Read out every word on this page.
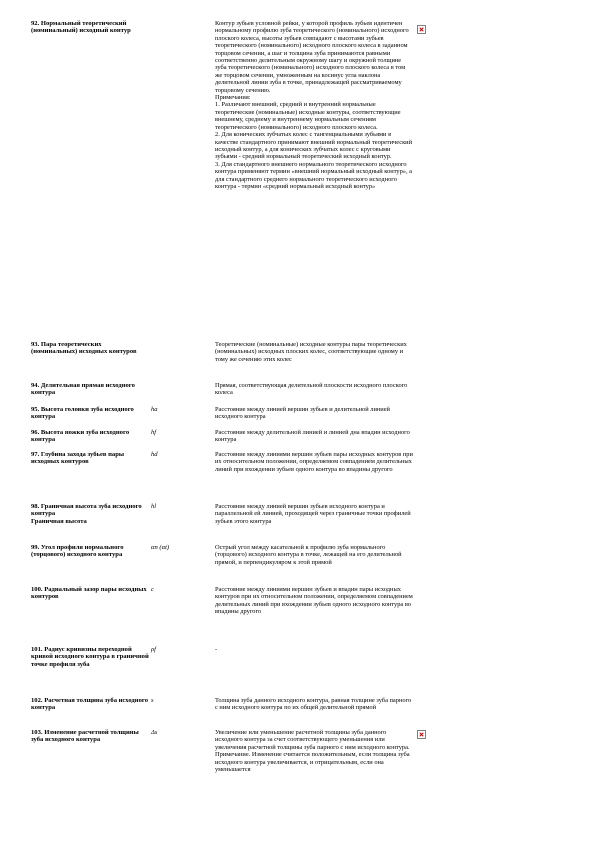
92. Нормальный теоретический (номинальный) исходный контур
Контур зубьев условной рейки, у которой профиль зубьев идентичен нормальному профилю зуба теоретического (номинального) исходного плоского колеса, высоты зубьев совпадают с высотами зубьев теоретического (номинального) исходного плоского колеса в заданном торцовом сечении, а шаг и толщина зуба принимаются равными соответственно делительным окружному шагу и окружной толщине зуба теоретического (номинального) исходного плоского колеса в том же торцовом сечении, умноженным на косинус угла наклона делительной линии зуба в точке, принадлежащей рассматриваемому торцовому сечению.
Примечания:
1. Различают внешний, средний и внутренний нормальные теоретические (номинальные) исходные контуры, соответствующие внешнему, среднему и внутреннему нормальным сечениям теоретического (номинального) исходного плоского колеса.
2. Для конических зубчатых колес с тангенциальными зубьями в качестве стандартного принимают внешний нормальный теоретический исходный контур, а для конических зубчатых колес с круговыми зубьями - средний нормальный теоретический исходный контур.
3. Для стандартного внешнего нормального теоретического исходного контура применяют термин «внешний нормальный исходный контур», а для стандартного среднего нормального теоретического исходного контура - термин «средний нормальный исходный контур»
93. Пара теоретических (номинальных) исходных контуров
Теоретические (номинальные) исходные контуры пары теоретических (номинальных) исходных плоских колес, соответствующие одному и тому же сечению этих колес
94. Делительная прямая исходного контура
Прямая, соответствующая делительной плоскости исходного плоского колеса
95. Высота головки зуба исходного контура
ha	Расстояние между линией вершин зубьев и делительной линией исходного контура
96. Высота ножки зуба исходного контура
hf	Расстояние между делительной линией и линией дна впадин исходного контура
97. Глубина захода зубьев пары исходных контуров
hd	Расстояние между линиями вершин зубьев пары исходных контуров при их относительном положении, определяемом совпадением делительных линий при вхождении зубьев одного контура во впадины другого
98. Граничная высота зуба исходного контура
Граничная высота
hl	Расстояние между линией вершин зубьев исходного контура и параллельной ей линией, проходящей через граничные точки профилей зубьев этого контура
99. Угол профиля нормального (торцового) исходного контура
αn (αt)	Острый угол между касательной к профилю зуба нормального (торцового) исходного контура в точке, лежащей на его делительной прямой, и перпендикуляром к этой прямой
100. Радиальный зазор пары исходных контуров
c	Расстояние между линиями вершин зубьев и впадин пары исходных контуров при их относительном положении, определяемом совпадением делительных линий при вхождении зубьев одного исходного контура во впадины другого
101. Радиус кривизны переходной кривой исходного контура в граничной точке профиля зуба
ρf	-
102. Расчетная толщина зуба исходного контура
s	Толщина зуба данного исходного контура, равная толщине зуба парного с ним исходного контура по их общей делительной прямой
103. Изменение расчетной толщины зуба исходного контура
Δs	Увеличение или уменьшение расчетной толщины зуба данного исходного контура за счет соответствующего уменьшения или увеличения расчетной толщины зуба парного с ним исходного контура.
Примечание. Изменение считается положительным, если толщина зуба исходного контура увеличивается, и отрицательным, если она уменьшается
